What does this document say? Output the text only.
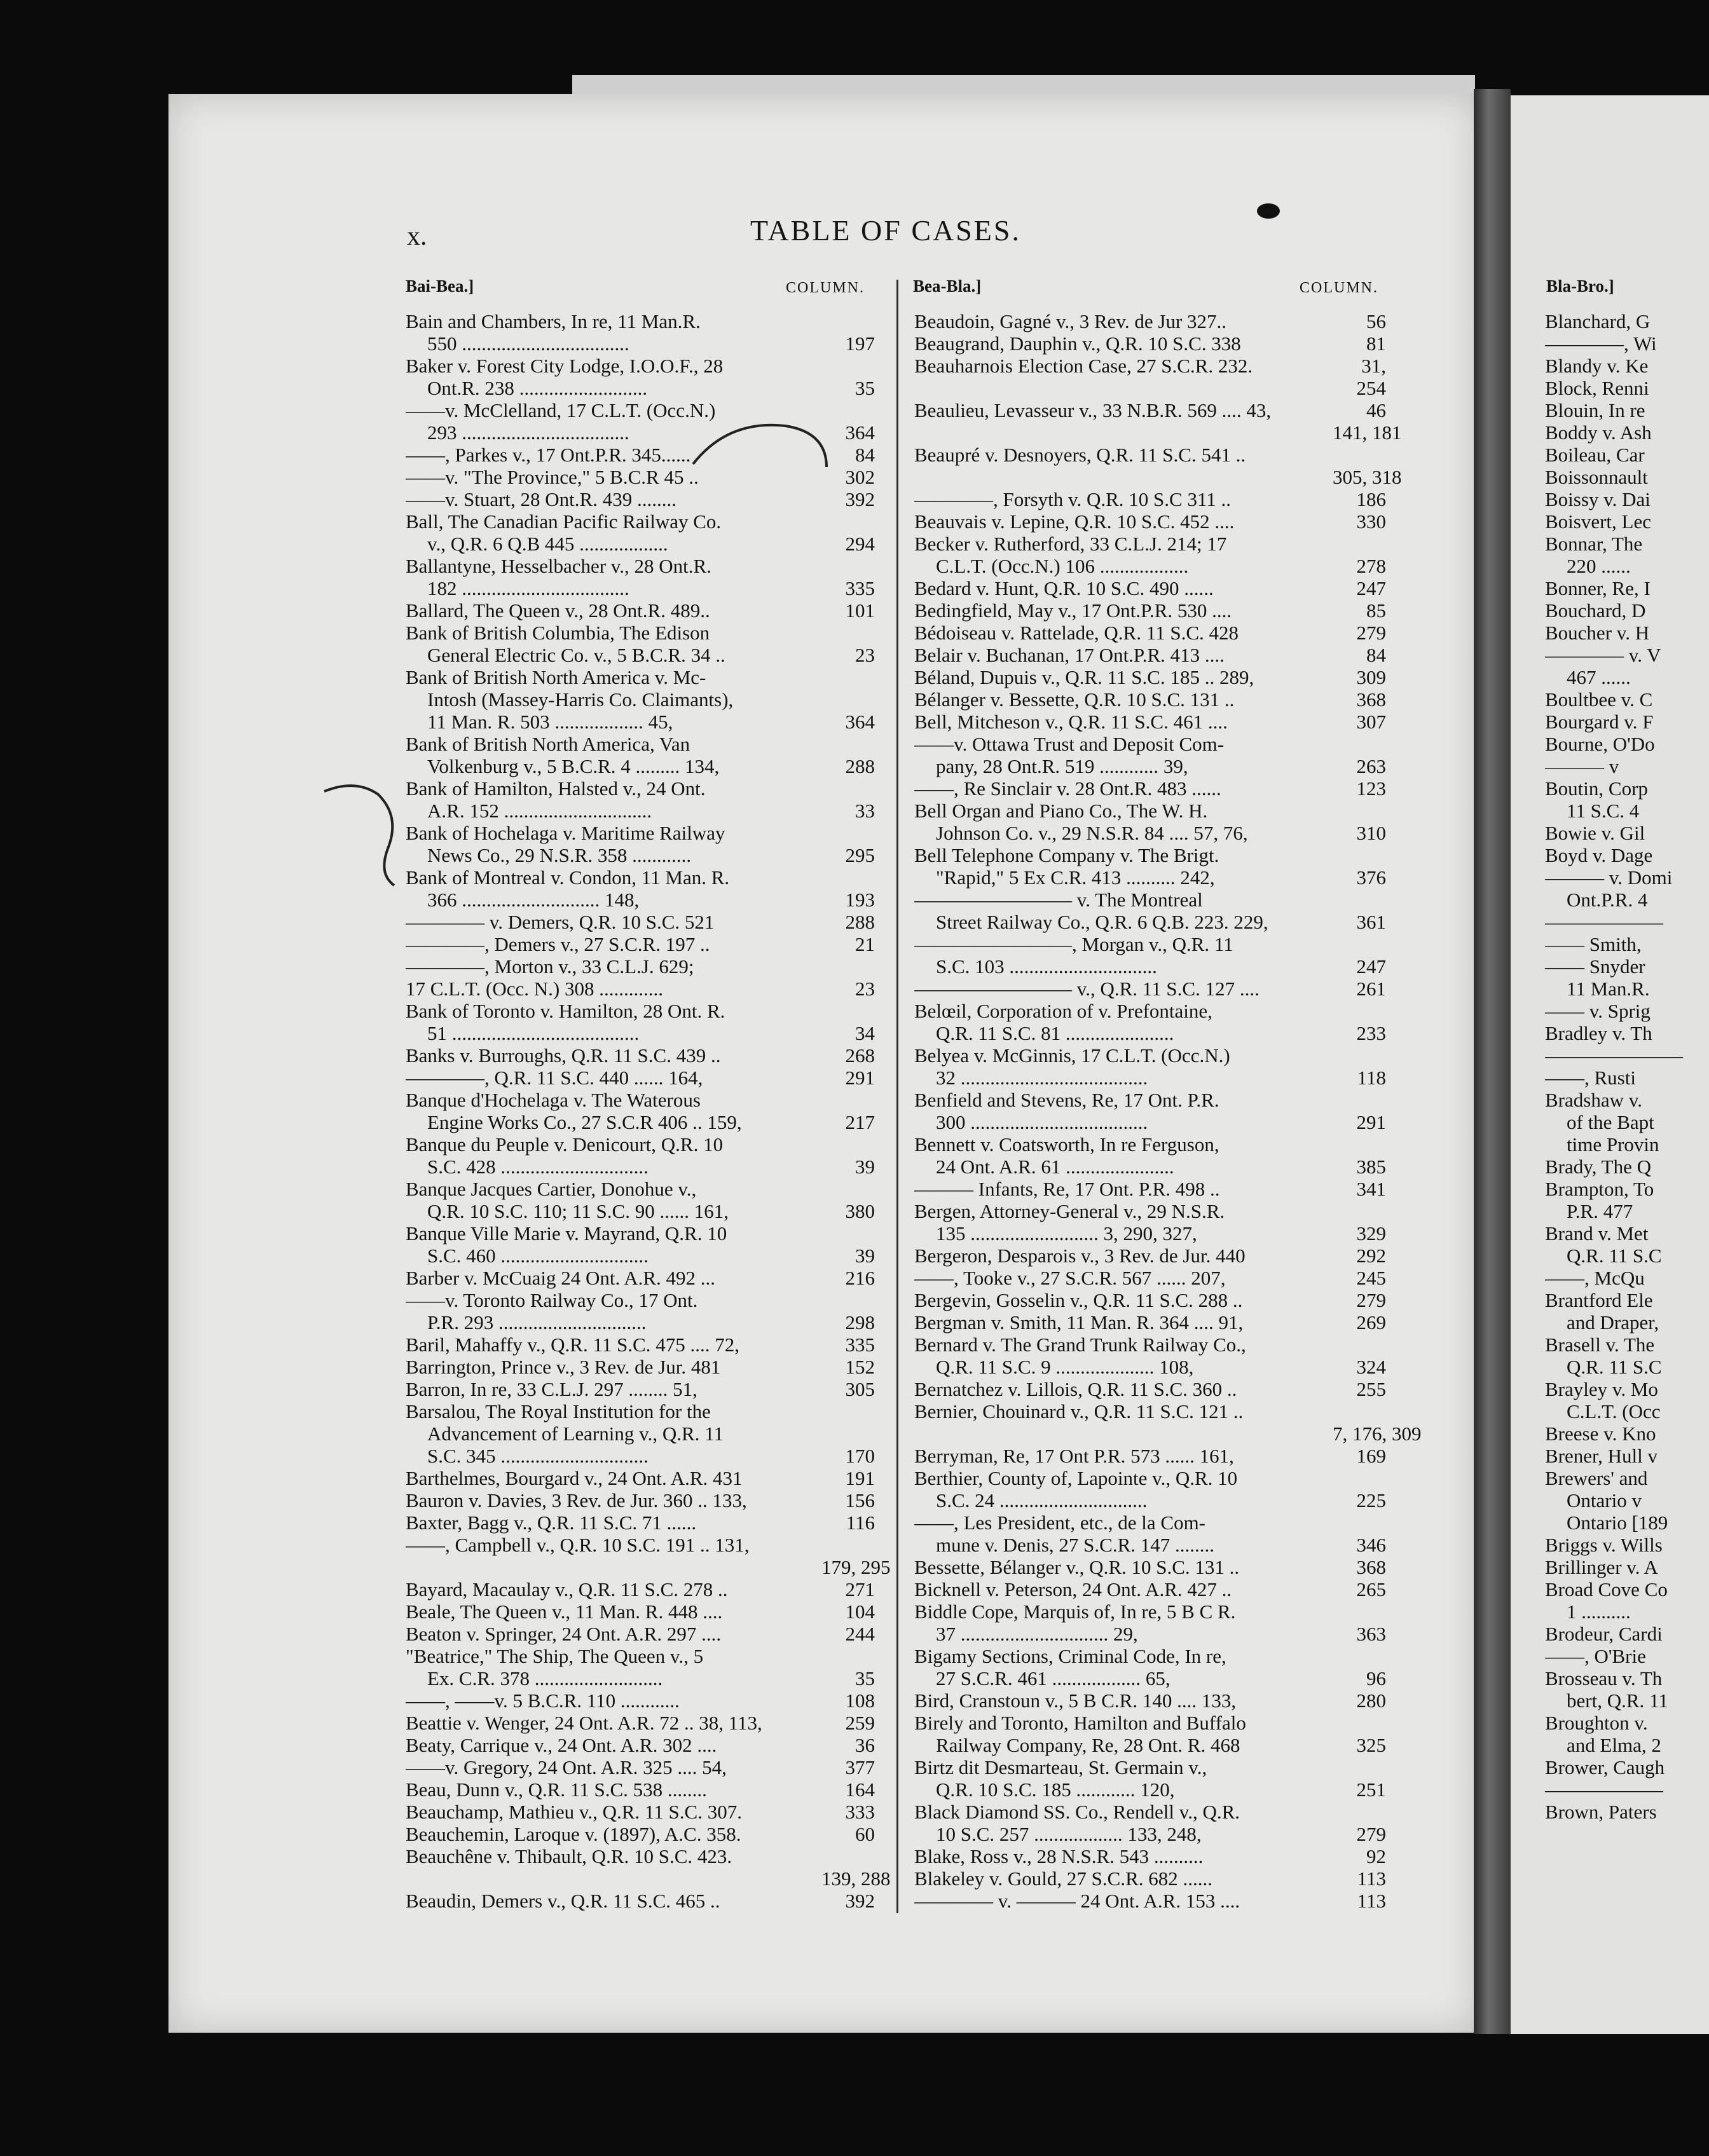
x.	TABLE OF CASES.
Bai-Bea.]	COLUMN.	Bea-Bla.]	COLUMN.	Bla-Bro.]
Bain and Chambers, In re, 11 Man.R.
550 ..................................	197
Baker v. Forest City Lodge, I.O.O.F., 28
Ont.R. 238 ..........................	35
——v. McClelland, 17 C.L.T. (Occ.N.)
293 ..................................	364
——, Parkes v., 17 Ont.P.R. 345......	84
——v. "The Province," 5 B.C.R 45 ..	302
——v. Stuart, 28 Ont.R. 439 ........	392
Ball, The Canadian Pacific Railway Co.
v., Q.R. 6 Q.B 445 ..................	294
Ballantyne, Hesselbacher v., 28 Ont.R.
182 ..................................	335
Ballard, The Queen v., 28 Ont.R. 489..	101
Bank of British Columbia, The Edison
General Electric Co. v., 5 B.C.R. 34 ..	23
Bank of British North America v. Mc-
Intosh (Massey-Harris Co. Claimants),
11 Man. R. 503 .................. 45,	364
Bank of British North America, Van
Volkenburg v., 5 B.C.R. 4 ......... 134,	288
Bank of Hamilton, Halsted v., 24 Ont.
A.R. 152 ..............................	33
Bank of Hochelaga v. Maritime Railway
News Co., 29 N.S.R. 358 ............	295
Bank of Montreal v. Condon, 11 Man. R.
366 ............................ 148,	193
———— v. Demers, Q.R. 10 S.C. 521	288
————, Demers v., 27 S.C.R. 197 ..	21
————, Morton v., 33 C.L.J. 629;
17 C.L.T. (Occ. N.) 308 .............	23
Bank of Toronto v. Hamilton, 28 Ont. R.
51 ......................................	34
Banks v. Burroughs, Q.R. 11 S.C. 439 ..	268
————, Q.R. 11 S.C. 440 ...... 164,	291
Banque d'Hochelaga v. The Waterous
Engine Works Co., 27 S.C.R 406 .. 159,	217
Banque du Peuple v. Denicourt, Q.R. 10
S.C. 428 ..............................	39
Banque Jacques Cartier, Donohue v.,
Q.R. 10 S.C. 110; 11 S.C. 90 ...... 161,	380
Banque Ville Marie v. Mayrand, Q.R. 10
S.C. 460 ..............................	39
Barber v. McCuaig 24 Ont. A.R. 492 ...	216
——v. Toronto Railway Co., 17 Ont.
P.R. 293 ..............................	298
Baril, Mahaffy v., Q.R. 11 S.C. 475 .... 72,	335
Barrington, Prince v., 3 Rev. de Jur. 481	152
Barron, In re, 33 C.L.J. 297 ........ 51,	305
Barsalou, The Royal Institution for the
Advancement of Learning v., Q.R. 11
S.C. 345 ..............................	170
Barthelmes, Bourgard v., 24 Ont. A.R. 431	191
Bauron v. Davies, 3 Rev. de Jur. 360 .. 133,	156
Baxter, Bagg v., Q.R. 11 S.C. 71 ......	116
——, Campbell v., Q.R. 10 S.C. 191 .. 131,
179, 295
Bayard, Macaulay v., Q.R. 11 S.C. 278 ..	271
Beale, The Queen v., 11 Man. R. 448 ....	104
Beaton v. Springer, 24 Ont. A.R. 297 ....	244
"Beatrice," The Ship, The Queen v., 5
Ex. C.R. 378 ..........................	35
——, ——v. 5 B.C.R. 110 ............	108
Beattie v. Wenger, 24 Ont. A.R. 72 .. 38, 113,	259
Beaty, Carrique v., 24 Ont. A.R. 302 ....	36
——v. Gregory, 24 Ont. A.R. 325 .... 54,	377
Beau, Dunn v., Q.R. 11 S.C. 538 ........	164
Beauchamp, Mathieu v., Q.R. 11 S.C. 307.	333
Beauchemin, Laroque v. (1897), A.C. 358.	60
Beauchêne v. Thibault, Q.R. 10 S.C. 423.
139, 288
Beaudin, Demers v., Q.R. 11 S.C. 465 ..	392
Beaudoin, Gagné v., 3 Rev. de Jur 327..	56
Beaugrand, Dauphin v., Q.R. 10 S.C. 338	81
Beauharnois Election Case, 27 S.C.R. 232.	31,
254
Beaulieu, Levasseur v., 33 N.B.R. 569 .... 43,	46
141, 181
Beaupré v. Desnoyers, Q.R. 11 S.C. 541 ..
305, 318
————, Forsyth v. Q.R. 10 S.C 311 ..	186
Beauvais v. Lepine, Q.R. 10 S.C. 452 ....	330
Becker v. Rutherford, 33 C.L.J. 214; 17
C.L.T. (Occ.N.) 106 ..................	278
Bedard v. Hunt, Q.R. 10 S.C. 490 ......	247
Bedingfield, May v., 17 Ont.P.R. 530 ....	85
Bédoiseau v. Rattelade, Q.R. 11 S.C. 428	279
Belair v. Buchanan, 17 Ont.P.R. 413 ....	84
Béland, Dupuis v., Q.R. 11 S.C. 185 .. 289,	309
Bélanger v. Bessette, Q.R. 10 S.C. 131 ..	368
Bell, Mitcheson v., Q.R. 11 S.C. 461 ....	307
——v. Ottawa Trust and Deposit Com-
pany, 28 Ont.R. 519 ............ 39,	263
——, Re Sinclair v. 28 Ont.R. 483 ......	123
Bell Organ and Piano Co., The W. H.
Johnson Co. v., 29 N.S.R. 84 .... 57, 76,	310
Bell Telephone Company v. The Brigt.
"Rapid," 5 Ex C.R. 413 .......... 242,	376
———————— v. The Montreal
Street Railway Co., Q.R. 6 Q.B. 223. 229,	361
————————, Morgan v., Q.R. 11
S.C. 103 ..............................	247
———————— v., Q.R. 11 S.C. 127 ....	261
Belœil, Corporation of v. Prefontaine,
Q.R. 11 S.C. 81 ......................	233
Belyea v. McGinnis, 17 C.L.T. (Occ.N.)
32 ......................................	118
Benfield and Stevens, Re, 17 Ont. P.R.
300 ....................................	291
Bennett v. Coatsworth, In re Ferguson,
24 Ont. A.R. 61 ......................	385
——— Infants, Re, 17 Ont. P.R. 498 ..	341
Bergen, Attorney-General v., 29 N.S.R.
135 .......................... 3, 290, 327,	329
Bergeron, Desparois v., 3 Rev. de Jur. 440	292
——, Tooke v., 27 S.C.R. 567 ...... 207,	245
Bergevin, Gosselin v., Q.R. 11 S.C. 288 ..	279
Bergman v. Smith, 11 Man. R. 364 .... 91,	269
Bernard v. The Grand Trunk Railway Co.,
Q.R. 11 S.C. 9 .................... 108,	324
Bernatchez v. Lillois, Q.R. 11 S.C. 360 ..	255
Bernier, Chouinard v., Q.R. 11 S.C. 121 ..
7, 176, 309
Berryman, Re, 17 Ont P.R. 573 ...... 161,	169
Berthier, County of, Lapointe v., Q.R. 10
S.C. 24 ..............................	225
——, Les President, etc., de la Com-
mune v. Denis, 27 S.C.R. 147 ........	346
Bessette, Bélanger v., Q.R. 10 S.C. 131 ..	368
Bicknell v. Peterson, 24 Ont. A.R. 427 ..	265
Biddle Cope, Marquis of, In re, 5 B C R.
37 .............................. 29,	363
Bigamy Sections, Criminal Code, In re,
27 S.C.R. 461 .................. 65,	96
Bird, Cranstoun v., 5 B C.R. 140 .... 133,	280
Birely and Toronto, Hamilton and Buffalo
Railway Company, Re, 28 Ont. R. 468	325
Birtz dit Desmarteau, St. Germain v.,
Q.R. 10 S.C. 185 ............ 120,	251
Black Diamond SS. Co., Rendell v., Q.R.
10 S.C. 257 .................. 133, 248,	279
Blake, Ross v., 28 N.S.R. 543 ..........	92
Blakeley v. Gould, 27 S.C.R. 682 ......	113
———— v. ——— 24 Ont. A.R. 153 ....	113
Blanchard, G
————, Wi
Blandy v. Ke
Block, Renni
Blouin, In re
Boddy v. Ash
Boileau, Car
Boissonnault
Boissy v. Dai
Boisvert, Lec
Bonnar, The
220 ......
Bonner, Re, I
Bouchard, D
Boucher v. H
———— v. V
467 ......
Boultbee v. C
Bourgard v. F
Bourne, O'Do
——— v
Boutin, Corp
11 S.C. 4
Bowie v. Gil
Boyd v. Dage
——— v. Domi
Ont.P.R. 4
——————
—— Smith,
—— Snyder
11 Man.R.
—— v. Sprig
Bradley v. Th
———————
——, Rusti
Bradshaw v.
of the Bapt
time Provin
Brady, The Q
Brampton, To
P.R. 477
Brand v. Met
Q.R. 11 S.C
——, McQu
Brantford Ele
and Draper,
Brasell v. The
Q.R. 11 S.C
Brayley v. Mo
C.L.T. (Occ
Breese v. Kno
Brener, Hull v
Brewers' and
Ontario v
Ontario [189
Briggs v. Wills
Brillinger v. A
Broad Cove Co
1 ..........
Brodeur, Cardi
——, O'Brie
Brosseau v. Th
bert, Q.R. 11
Broughton v.
and Elma, 2
Brower, Caugh
——————
Brown, Paters
